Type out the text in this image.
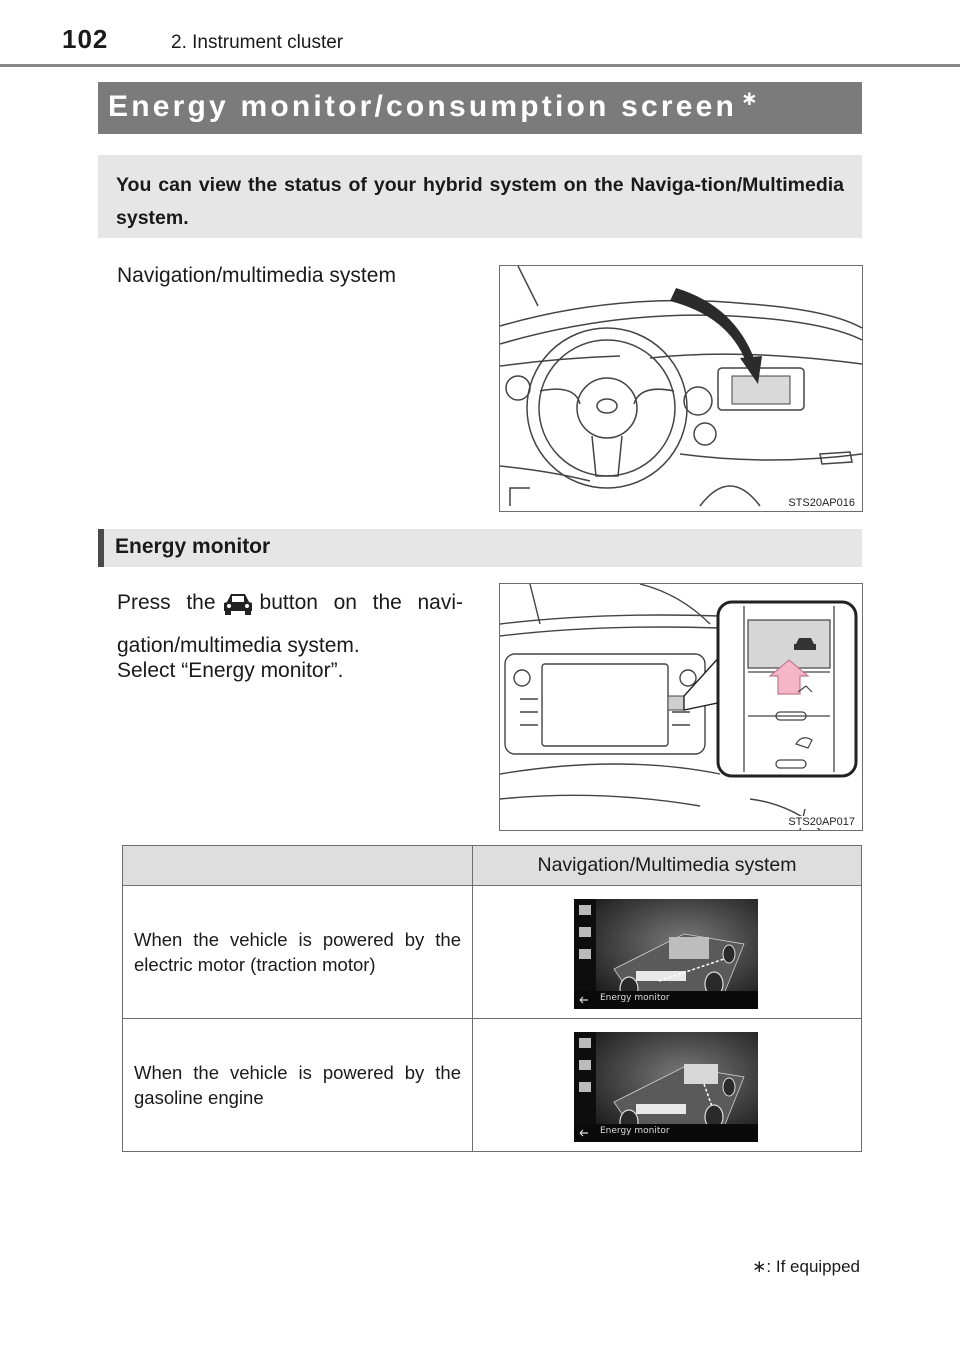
102	2. Instrument cluster
Energy monitor/consumption screen ∗
You can view the status of your hybrid system on the Naviga-tion/Multimedia system.
Navigation/multimedia system
STS20AP016
Energy monitor
Press the button on the navi-gation/multimedia system.
Select “Energy monitor”.
STS20AP017
	Navigation/Multimedia system
When the vehicle is powered by the electric motor (traction motor)	Energy monitor

When the vehicle is powered by the gasoline engine	Energy monitor
∗: If equipped
